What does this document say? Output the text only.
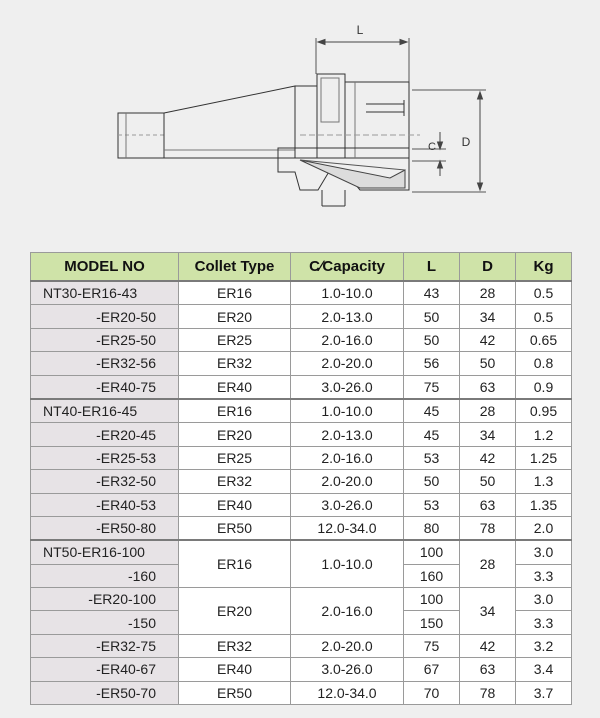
L
D
C
MODEL NO	Collet Type	C∕Capacity	L	D	Kg
NT30-ER16-43	ER16	1.0-10.0	43	28	0.5
-ER20-50	ER20	2.0-13.0	50	34	0.5
-ER25-50	ER25	2.0-16.0	50	42	0.65
-ER32-56	ER32	2.0-20.0	56	50	0.8
-ER40-75	ER40	3.0-26.0	75	63	0.9
NT40-ER16-45	ER16	1.0-10.0	45	28	0.95
-ER20-45	ER20	2.0-13.0	45	34	1.2
-ER25-53	ER25	2.0-16.0	53	42	1.25
-ER32-50	ER32	2.0-20.0	50	50	1.3
-ER40-53	ER40	3.0-26.0	53	63	1.35
-ER50-80	ER50	12.0-34.0	80	78	2.0
NT50-ER16-100	ER16	1.0-10.0	100	28	3.0
-160			160		3.3
-ER20-100	ER20	2.0-16.0	100	34	3.0
-150			150		3.3
-ER32-75	ER32	2.0-20.0	75	42	3.2
-ER40-67	ER40	3.0-26.0	67	63	3.4
-ER50-70	ER50	12.0-34.0	70	78	3.7
